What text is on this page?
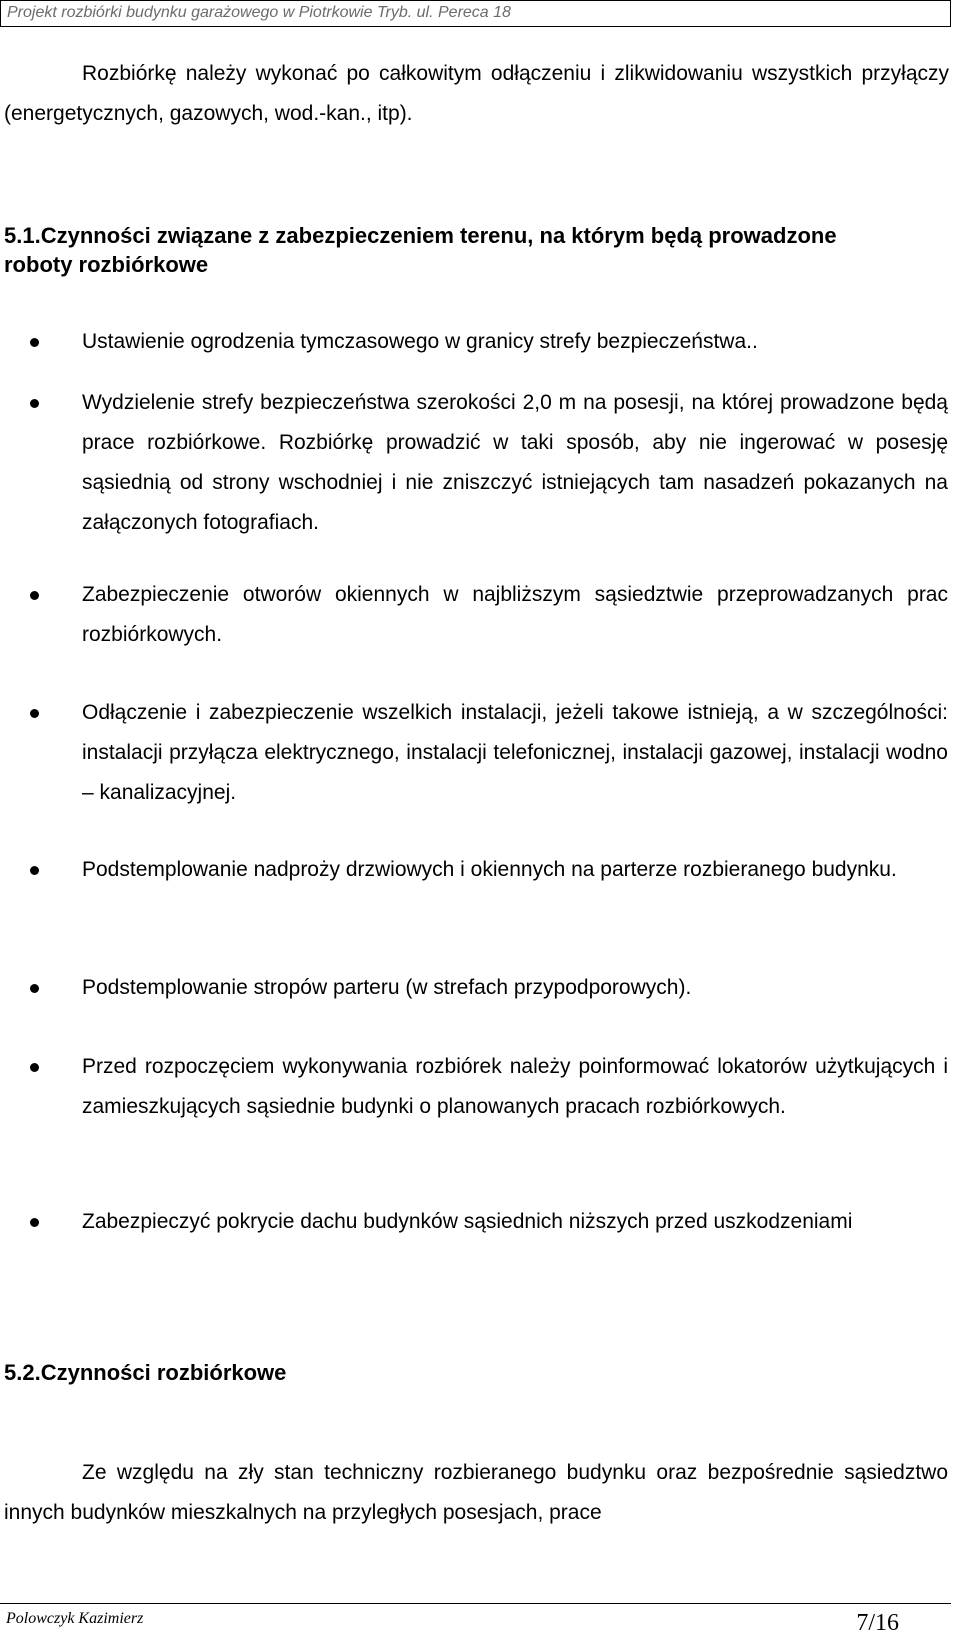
Projekt rozbiórki budynku garażowego w Piotrkowie Tryb. ul. Pereca 18

Rozbiórkę należy wykonać po całkowitym odłączeniu i zlikwidowaniu wszystkich przyłączy (energetycznych, gazowych, wod.-kan., itp).

5.1.Czynności związane z zabezpieczeniem terenu, na którym będą prowadzone roboty rozbiórkowe

Ustawienie ogrodzenia tymczasowego w granicy strefy bezpieczeństwa..

Wydzielenie strefy bezpieczeństwa szerokości 2,0 m na posesji, na której prowadzone będą prace rozbiórkowe. Rozbiórkę prowadzić w taki sposób, aby nie ingerować w posesję sąsiednią od strony wschodniej i nie zniszczyć istniejących tam nasadzeń pokazanych na załączonych fotografiach.

Zabezpieczenie otworów okiennych w najbliższym sąsiedztwie przeprowadzanych prac rozbiórkowych.

Odłączenie i zabezpieczenie wszelkich instalacji, jeżeli takowe istnieją, a w szczególności: instalacji przyłącza elektrycznego, instalacji telefonicznej, instalacji gazowej, instalacji wodno – kanalizacyjnej.

Podstemplowanie nadproży drzwiowych i okiennych na parterze rozbieranego budynku.

Podstemplowanie stropów parteru (w strefach przypodporowych).

Przed rozpoczęciem wykonywania rozbiórek należy poinformować lokatorów użytkujących i zamieszkujących sąsiednie budynki o planowanych pracach rozbiórkowych.

Zabezpieczyć pokrycie dachu budynków sąsiednich niższych przed uszkodzeniami

5.2.Czynności rozbiórkowe

Ze względu na zły stan techniczny rozbieranego budynku oraz bezpośrednie sąsiedztwo innych budynków mieszkalnych na przyległych posesjach, prace

Polowczyk Kazimierz	7/16
